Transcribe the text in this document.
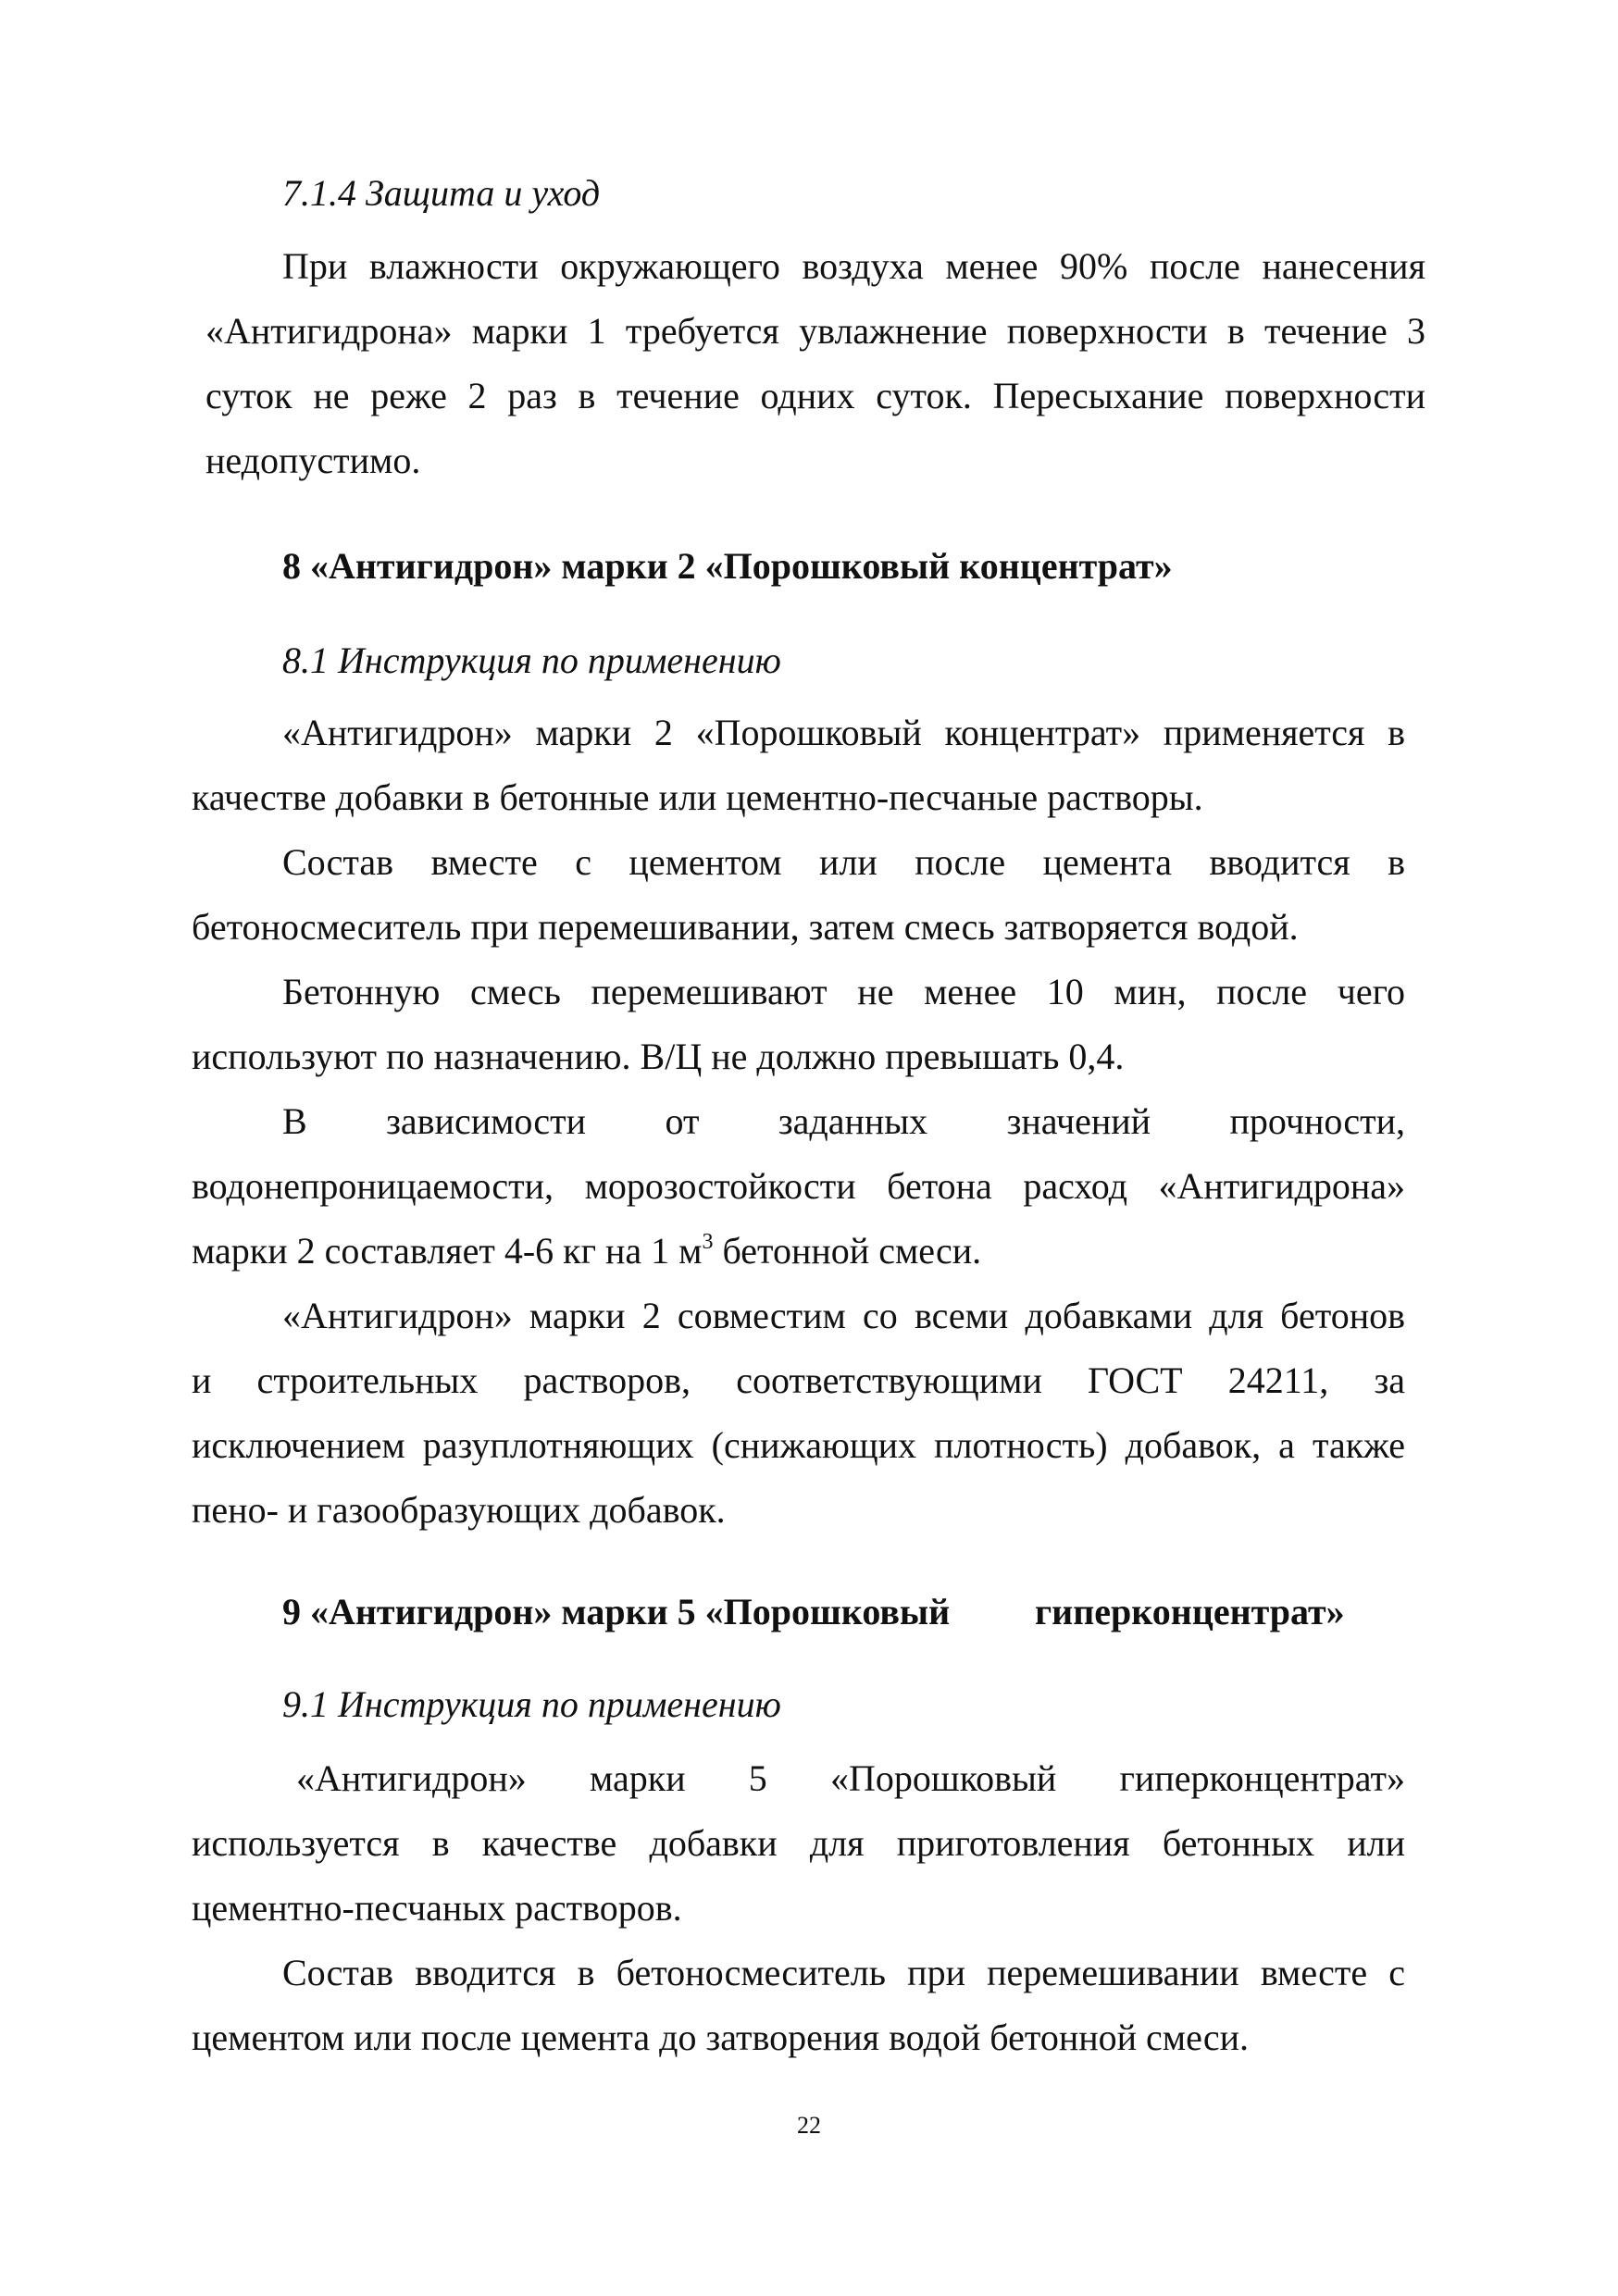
7.1.4 Защита и уход
При влажности окружающего воздуха менее 90% после нанесения
«Антигидрона» марки 1 требуется увлажнение поверхности в течение 3
суток не реже 2 раз в течение одних суток. Пересыхание поверхности
недопустимо.
8 «Антигидрон» марки 2 «Порошковый концентрат»
8.1 Инструкция по применению
«Антигидрон» марки 2 «Порошковый концентрат» применяется в
качестве добавки в бетонные или цементно-песчаные растворы.
Состав вместе с цементом или после цемента вводится в
бетоносмеситель при перемешивании, затем смесь затворяется водой.
Бетонную смесь перемешивают не менее 10 мин, после чего
используют по назначению. В/Ц не должно превышать 0,4.
В зависимости от заданных значений прочности,
водонепроницаемости, морозостойкости бетона расход «Антигидрона»
марки 2 составляет 4-6 кг на 1 $м^3$ бетонной смеси.
«Антигидрон» марки 2 совместим со всеми добавками для бетонов
и строительных растворов, соответствующими ГОСТ 24211, за
исключением разуплотняющих (снижающих плотность) добавок, а также
пено- и газообразующих добавок.
9 «Антигидрон» марки 5 «Порошковый гиперконцентрат»
9.1 Инструкция по применению
«Антигидрон» марки 5 «Порошковый гиперконцентрат»
используется в качестве добавки для приготовления бетонных или
цементно-песчаных растворов.
Состав вводится в бетоносмеситель при перемешивании вместе с
цементом или после цемента до затворения водой бетонной смеси.
22
